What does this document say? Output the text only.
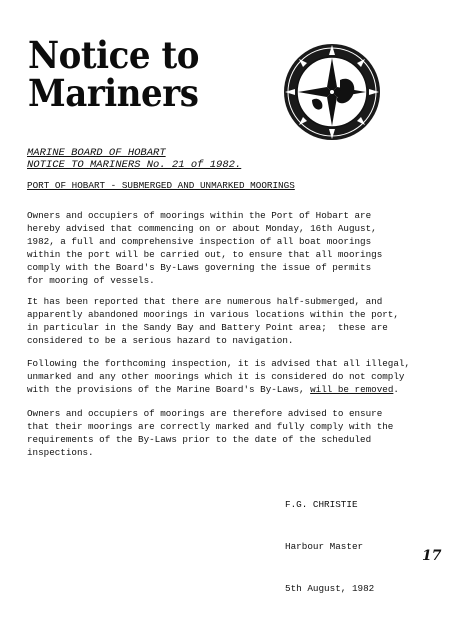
Notice to
Mariners
MARINE BOARD OF HOBART
NOTICE TO MARINERS No. 21 of 1982.
PORT OF HOBART - SUBMERGED AND UNMARKED MOORINGS
Owners and occupiers of moorings within the Port of Hobart are
hereby advised that commencing on or about Monday, 16th August,
1982, a full and comprehensive inspection of all boat moorings
within the port will be carried out, to ensure that all moorings
comply with the Board's By-Laws governing the issue of permits
for mooring of vessels.
It has been reported that there are numerous half-submerged, and
apparently abandoned moorings in various locations within the port,
in particular in the Sandy Bay and Battery Point area;  these are
considered to be a serious hazard to navigation.
Following the forthcoming inspection, it is advised that all illegal,
unmarked and any other moorings which it is considered do not comply
with the provisions of the Marine Board's By-Laws, will be removed.
Owners and occupiers of moorings are therefore advised to ensure
that their moorings are correctly marked and fully comply with the
requirements of the By-Laws prior to the date of the scheduled
inspections.

F.G. CHRISTIE

Harbour Master

5th August, 1982

17
